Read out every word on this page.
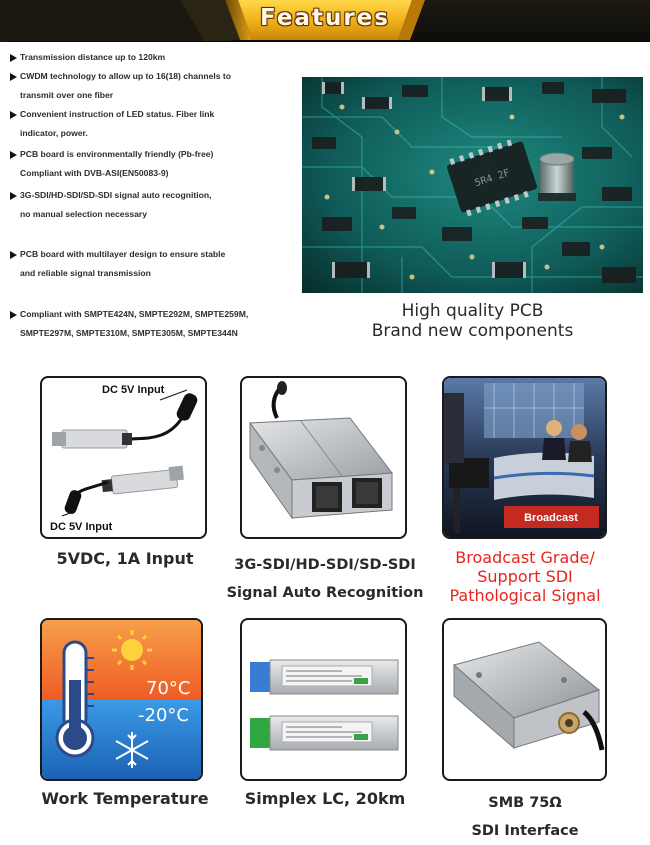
Features
Transmission distance up to 120km
CWDM technology to allow up to 16(18) channels to
transmit over one fiber
Convenient instruction of LED status. Fiber link
indicator, power.
PCB board is environmentally friendly (Pb-free)
Compliant with DVB-ASI(EN50083-9)
3G-SDI/HD-SDI/SD-SDI signal auto recognition,
no manual selection necessary
PCB board with multilayer design to ensure stable
and reliable signal transmission
Compliant with SMPTE424N, SMPTE292M, SMPTE259M,
SMPTE297M, SMPTE310M, SMPTE305M, SMPTE344N
5R4 2F
High quality PCB
Brand new components
DC 5V Input
DC 5V Input
5VDC, 1A Input	3G-SDI/HD-SDI/SD-SDI
Signal Auto Recognition
Broadcast
Broadcast Grade/
Support SDI
Pathological Signal
70°C
-20°C
Work Temperature	Simplex LC, 20km	SMB 75Ω
SDI Interface
